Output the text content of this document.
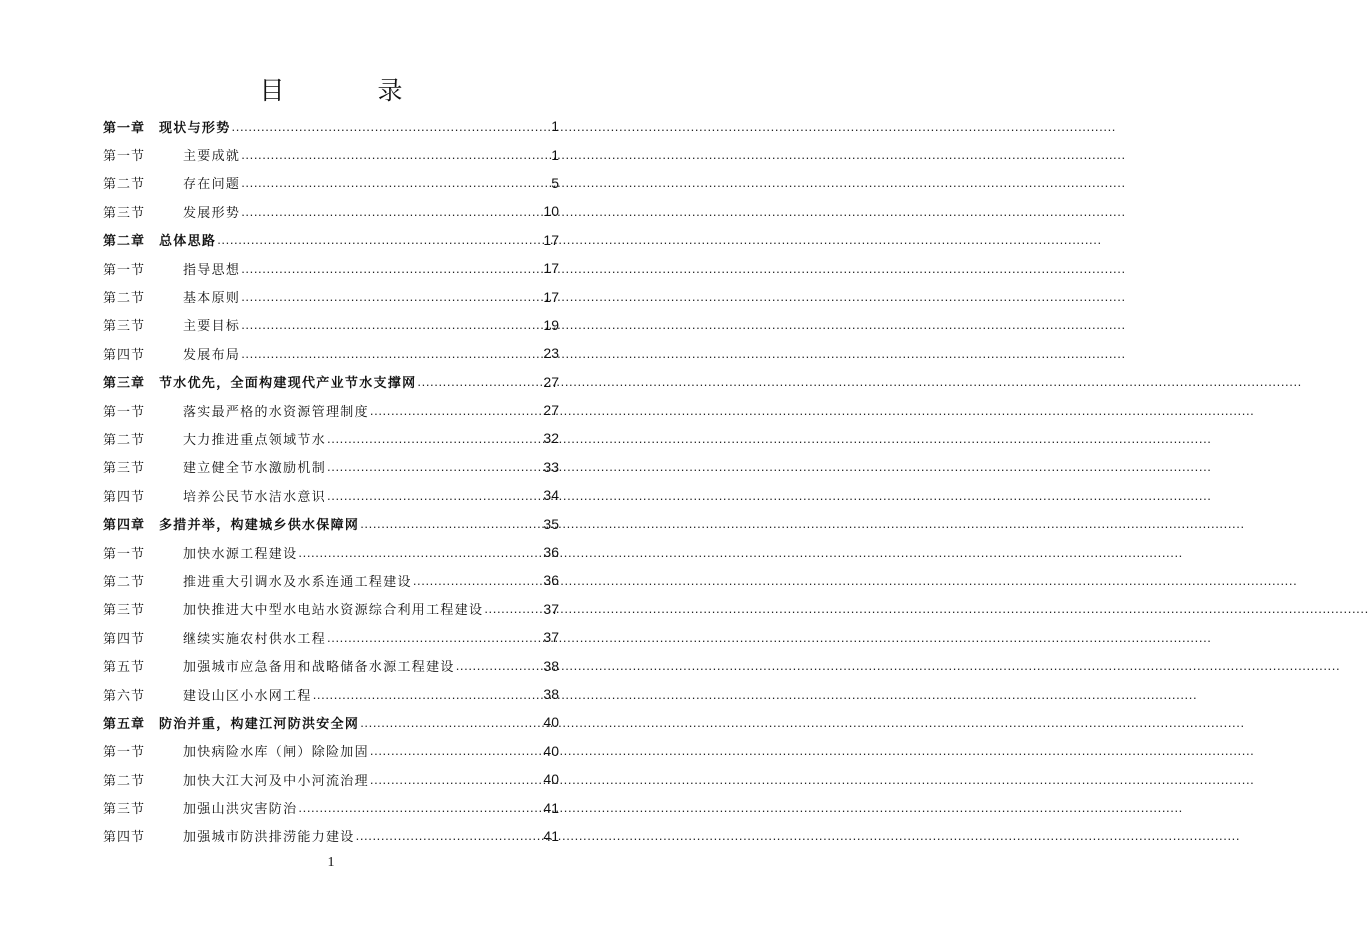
目　录
第一章	现状与形势 .....	1
第一节	主要成就 .....	1
第二节	存在问题 .....	5
第三节	发展形势 .....	10
第二章	总体思路 .....	17
第一节	指导思想 .....	17
第二节	基本原则 .....	17
第三节	主要目标 .....	19
第四节	发展布局 .....	23
第三章	节水优先，全面构建现代产业节水支撑网 .....	27
第一节	落实最严格的水资源管理制度 .....	27
第二节	大力推进重点领域节水 .....	32
第三节	建立健全节水激励机制 .....	33
第四节	培养公民节水洁水意识 .....	34
第四章	多措并举，构建城乡供水保障网 .....	35
第一节	加快水源工程建设 .....	36
第二节	推进重大引调水及水系连通工程建设 .....	36
第三节	加快推进大中型水电站水资源综合利用工程建设 .....	37
第四节	继续实施农村供水工程 .....	37
第五节	加强城市应急备用和战略储备水源工程建设 .....	38
第六节	建设山区小水网工程 .....	38
第五章	防治并重，构建江河防洪安全网 .....	40
第一节	加快病险水库（闸）除险加固 .....	40
第二节	加快大江大河及中小河流治理 .....	40
第三节	加强山洪灾害防治 .....	41
第四节	加强城市防洪排涝能力建设 .....	41
1
